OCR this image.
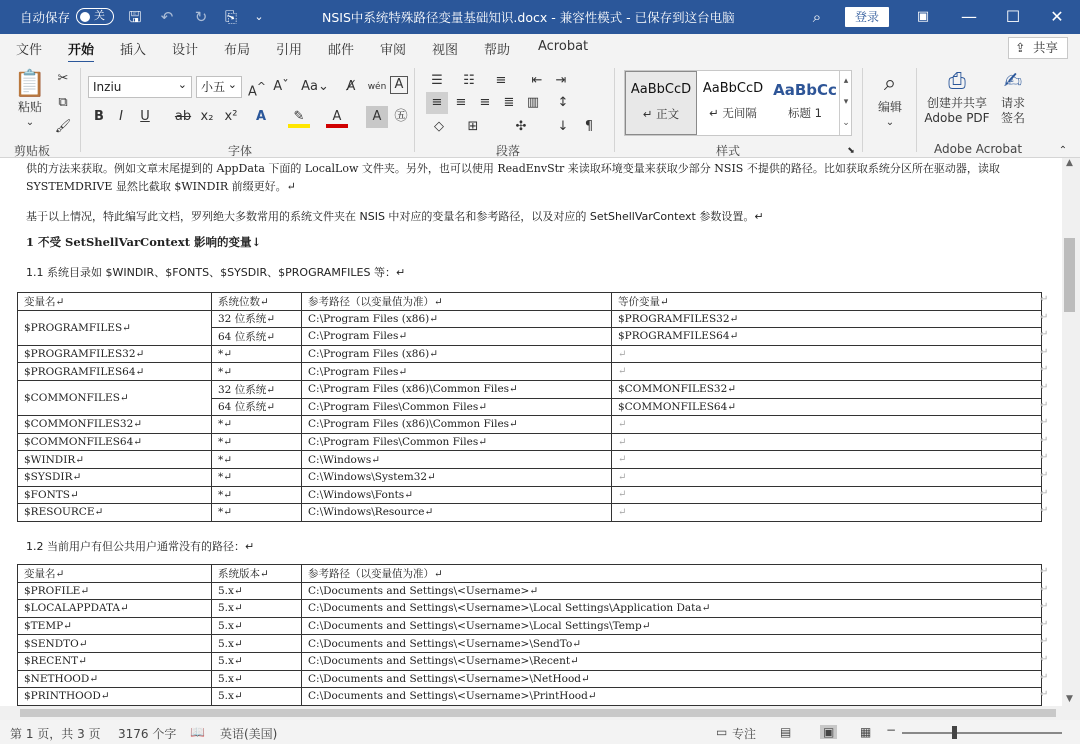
自动保存	关	🖫	↶	↻	⎘	⌄	NSIS中系统特殊路径变量基础知识.docx - 兼容性模式 - 已保存到这台电脑	⌕	登录	▣	—	☐	✕
文件 开始 插入 设计 布局 引用 邮件 审阅 视图 帮助 Acrobat	⇪ 共享
📋
粘贴
⌄
✂
⧉
🖌
剪贴板
Inziu ⌄	小五 ⌄	A^ Aˇ Aa⌄	A̸	wén A
B	I	U	ab x₂ x²	A	✎	A	A	㊄
字体
☰	☷	≡	⇤	⇥
≡	≡	≡	≣ ▥	↕
◇	⊞	✣	↓	¶
段落
AaBbCcD
↵ 正文
AaBbCcD
↵ 无间隔
AaBbCc
标题 1
▴
▾
⌄
样式	⬊
⌕
编辑
⌄
⎙
创建并共享
Adobe PDF
✍
请求
签名
Adobe Acrobat	⌃
供的方法来获取。例如文章末尾提到的 AppData 下面的 LocalLow 文件夹。另外，也可以使用 ReadEnvStr 来读取环境变量来获取少部分 NSIS 不提供的路径。比如获取系统分区所在驱动器，读取
SYSTEMDRIVE 显然比截取 $WINDIR 前缀更好。↵
基于以上情况，特此编写此文档，罗列绝大多数常用的系统文件夹在 NSIS 中对应的变量名和参考路径，以及对应的 SetShellVarContext 参数设置。↵
1 不受 SetShellVarContext 影响的变量↓
1.1 系统目录如 $WINDIR、$FONTS、$SYSDIR、$PROGRAMFILES 等：↵
变量名↵	系统位数↵	参考路径（以变量值为准）↵	等价变量↵
$PROGRAMFILES↵	32 位系统↵	C:\Program Files (x86)↵	$PROGRAMFILES32↵
	64 位系统↵	C:\Program Files↵	$PROGRAMFILES64↵
$PROGRAMFILES32↵	*↵	C:\Program Files (x86)↵	↵
$PROGRAMFILES64↵	*↵	C:\Program Files↵	↵
$COMMONFILES↵	32 位系统↵	C:\Program Files (x86)\Common Files↵	$COMMONFILES32↵
	64 位系统↵	C:\Program Files\Common Files↵	$COMMONFILES64↵
$COMMONFILES32↵	*↵	C:\Program Files (x86)\Common Files↵	↵
$COMMONFILES64↵	*↵	C:\Program Files\Common Files↵	↵
$WINDIR↵	*↵	C:\Windows↵	↵
$SYSDIR↵	*↵	C:\Windows\System32↵	↵
$FONTS↵	*↵	C:\Windows\Fonts↵	↵
$RESOURCE↵	*↵	C:\Windows\Resource↵	↵
1.2 当前用户有但公共用户通常没有的路径：↵
变量名↵	系统版本↵	参考路径（以变量值为准）↵
$PROFILE↵	5.x↵	C:\Documents and Settings\<Username>↵
$LOCALAPPDATA↵	5.x↵	C:\Documents and Settings\<Username>\Local Settings\Application Data↵
$TEMP↵	5.x↵	C:\Documents and Settings\<Username>\Local Settings\Temp↵
$SENDTO↵	5.x↵	C:\Documents and Settings\<Username>\SendTo↵
$RECENT↵	5.x↵	C:\Documents and Settings\<Username>\Recent↵
$NETHOOD↵	5.x↵	C:\Documents and Settings\<Username>\NetHood↵
$PRINTHOOD↵	5.x↵	C:\Documents and Settings\<Username>\PrintHood↵
↵
↵
↵
↵
↵
↵
↵
↵
↵
↵
↵
↵
↵
↵
↵
↵
↵
↵
↵
↵
↵
▲
▼
第 1 页，共 3 页 3176 个字 📖 英语(美国)	▭ 专注 ▤	▣ ▦ −
